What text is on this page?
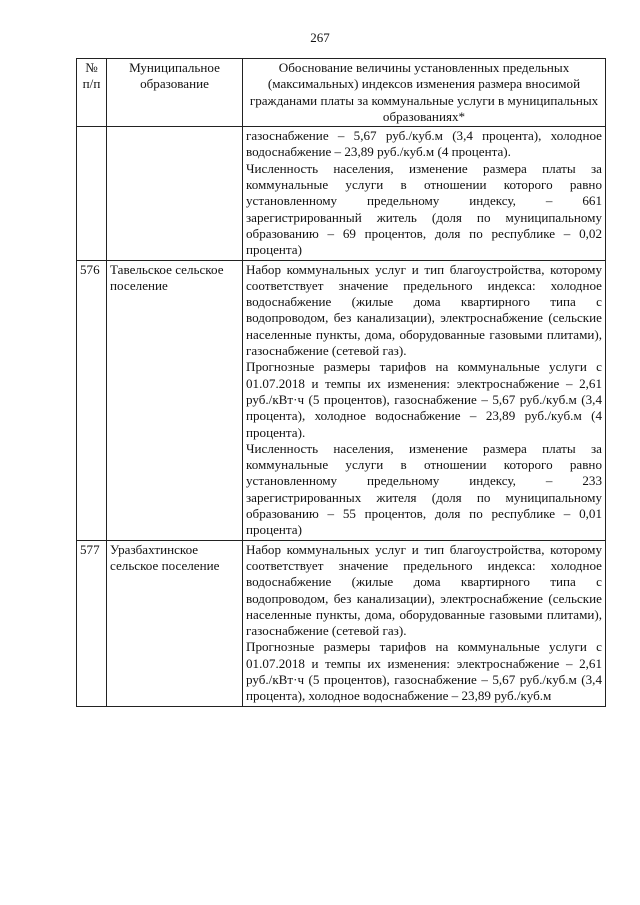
267
№ п/п	Муниципальное образование	Обоснование величины установленных предельных (максимальных) индексов изменения размера вносимой гражданами платы за коммунальные услуги в муниципальных образованиях*

		газоснабжение – 5,67 руб./куб.м (3,4 процента), холодное водоснабжение – 23,89 руб./куб.м (4 процента).

Численность населения, изменение размера платы за коммунальные услуги в отношении которого равно установленному предельному индексу, – 661 зарегистрированный житель (доля по муниципальному образованию – 69 процентов, доля по республике – 0,02 процента)

576	Тавельское сельское поселение	Набор коммунальных услуг и тип благоустройства, которому соответствует значение предельного индекса: холодное водоснабжение (жилые дома квартирного типа с водопроводом, без канализации), электроснабжение (сельские населенные пункты, дома, оборудованные газовыми плитами), газоснабжение (сетевой газ).

Прогнозные размеры тарифов на коммунальные услуги с 01.07.2018 и темпы их изменения: электроснабжение – 2,61 руб./кВт·ч (5 процентов), газоснабжение – 5,67 руб./куб.м (3,4 процента), холодное водоснабжение – 23,89 руб./куб.м (4 процента).

Численность населения, изменение размера платы за коммунальные услуги в отношении которого равно установленному предельному индексу, – 233 зарегистрированных жителя (доля по муниципальному образованию – 55 процентов, доля по республике – 0,01 процента)

577	Уразбахтинское сельское поселение	Набор коммунальных услуг и тип благоустройства, которому соответствует значение предельного индекса: холодное водоснабжение (жилые дома квартирного типа с водопроводом, без канализации), электроснабжение (сельские населенные пункты, дома, оборудованные газовыми плитами), газоснабжение (сетевой газ).

Прогнозные размеры тарифов на коммунальные услуги с 01.07.2018 и темпы их изменения: электроснабжение – 2,61 руб./кВт·ч (5 процентов), газоснабжение – 5,67 руб./куб.м (3,4 процента), холодное водоснабжение – 23,89 руб./куб.м
